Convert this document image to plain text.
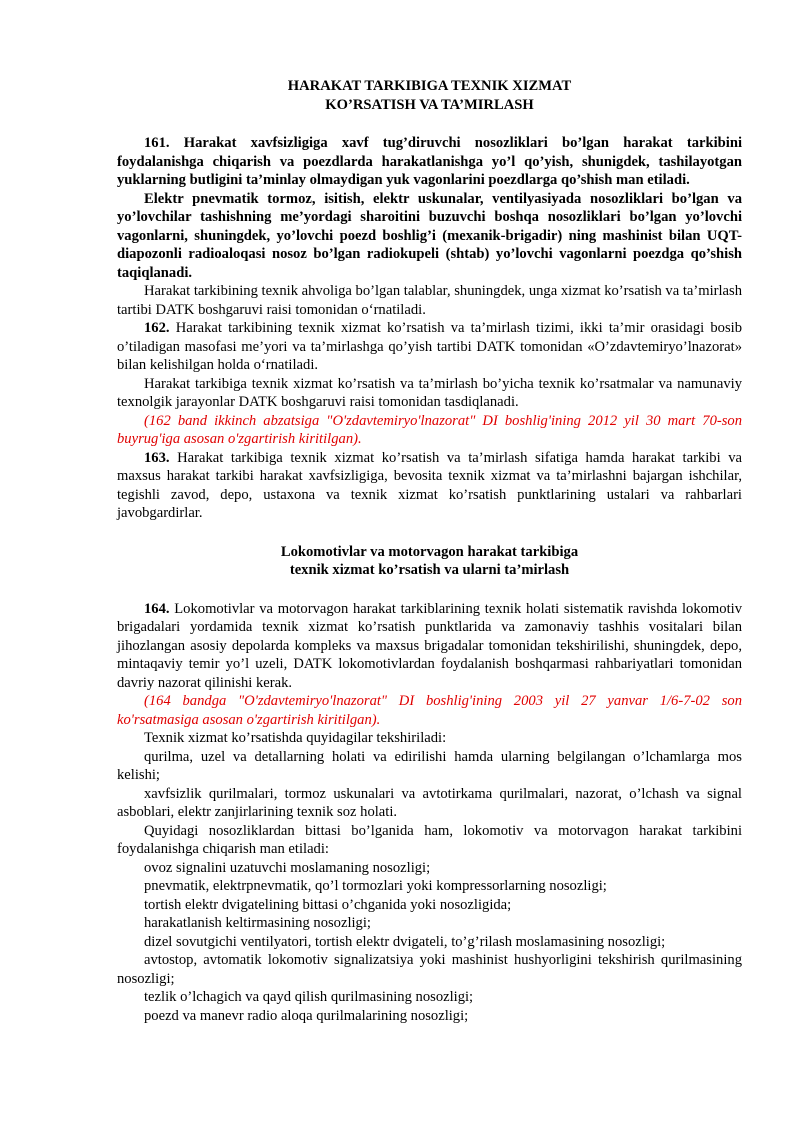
HARAKAT TARKIBIGA TEXNIK XIZMAT
KO’RSATISH VA TA’MIRLASH

161. Harakat xavfsizligiga xavf tug’diruvchi nosozliklari bo’lgan harakat tarkibini foydalanishga chiqarish va poezdlarda harakatlanishga yo’l qo’yish, shunigdek, tashilayotgan yuklarning butligini ta’minlay olmaydigan yuk vagonlarini poezdlarga qo’shish man etiladi.

Elektr pnevmatik tormoz, isitish, elektr uskunalar, ventilyasiyada nosozliklari bo’lgan va yo’lovchilar tashishning me’yordagi sharoitini buzuvchi boshqa nosozliklari bo’lgan yo’lovchi vagonlarni, shuningdek, yo’lovchi poezd boshlig’i (mexanik-brigadir) ning mashinist bilan UQT-diapozonli radioaloqasi nosoz bo’lgan radiokupeli (shtab) yo’lovchi vagonlarni poezdga qo’shish taqiqlanadi.

Harakat tarkibining texnik ahvoliga bo’lgan talablar, shuningdek, unga xizmat ko’rsatish va ta’mirlash tartibi DATK boshgaruvi raisi tomonidan o‘rnatiladi.

162. Harakat tarkibining texnik xizmat ko’rsatish va ta’mirlash tizimi, ikki ta’mir orasidagi bosib o’tiladigan masofasi me’yori va ta’mirlashga qo’yish tartibi DATK tomonidan «O’zdavtemiryo’lnazorat» bilan kelishilgan holda o‘rnatiladi.

Harakat tarkibiga texnik xizmat ko’rsatish va ta’mirlash bo’yicha texnik ko’rsatmalar va namunaviy texnolgik jarayonlar DATK boshgaruvi raisi tomonidan tasdiqlanadi.

(162 band ikkinch abzatsiga "O'zdavtemiryo'lnazorat" DI boshlig'ining 2012 yil 30 mart 70-son buyrug'iga asosan o'zgartirish kiritilgan).

163. Harakat tarkibiga texnik xizmat ko’rsatish va ta’mirlash sifatiga hamda harakat tarkibi va maxsus harakat tarkibi harakat xavfsizligiga, bevosita texnik xizmat va ta’mirlashni bajargan ishchilar, tegishli zavod, depo, ustaxona va texnik xizmat ko’rsatish punktlarining ustalari va rahbarlari javobgardirlar.

Lokomotivlar va motorvagon harakat tarkibiga
texnik xizmat ko’rsatish va ularni ta’mirlash

164. Lokomotivlar va motorvagon harakat tarkiblarining texnik holati sistematik ravishda lokomotiv brigadalari yordamida texnik xizmat ko’rsatish punktlarida va zamonaviy tashhis vositalari bilan jihozlangan asosiy depolarda kompleks va maxsus brigadalar tomonidan tekshirilishi, shuningdek, depo, mintaqaviy temir yo’l uzeli, DATK lokomotivlardan foydalanish boshqarmasi rahbariyatlari tomonidan davriy nazorat qilinishi kerak.

(164 bandga "O'zdavtemiryo'lnazorat" DI boshlig'ining 2003 yil 27 yanvar 1/6-7-02 son ko'rsatmasiga asosan o'zgartirish kiritilgan).

Texnik xizmat ko’rsatishda quyidagilar tekshiriladi:

qurilma, uzel va detallarning holati va edirilishi hamda ularning belgilangan o’lchamlarga mos kelishi;

xavfsizlik qurilmalari, tormoz uskunalari va avtotirkama qurilmalari, nazorat, o’lchash va signal asboblari, elektr zanjirlarining texnik soz holati.

Quyidagi nosozliklardan bittasi bo’lganida ham, lokomotiv va motorvagon harakat tarkibini foydalanishga chiqarish man etiladi:

ovoz signalini uzatuvchi moslamaning nosozligi;

pnevmatik, elektrpnevmatik, qo’l tormozlari yoki kompressorlarning nosozligi;

tortish elektr dvigatelining bittasi o’chganida yoki nosozligida;

harakatlanish keltirmasining nosozligi;

dizel sovutgichi ventilyatori, tortish elektr dvigateli, to’g’rilash moslamasining nosozligi;

avtostop, avtomatik lokomotiv signalizatsiya yoki mashinist hushyorligini tekshirish qurilmasining nosozligi;

tezlik o’lchagich va qayd qilish qurilmasining nosozligi;

poezd va manevr radio aloqa qurilmalarining nosozligi;
